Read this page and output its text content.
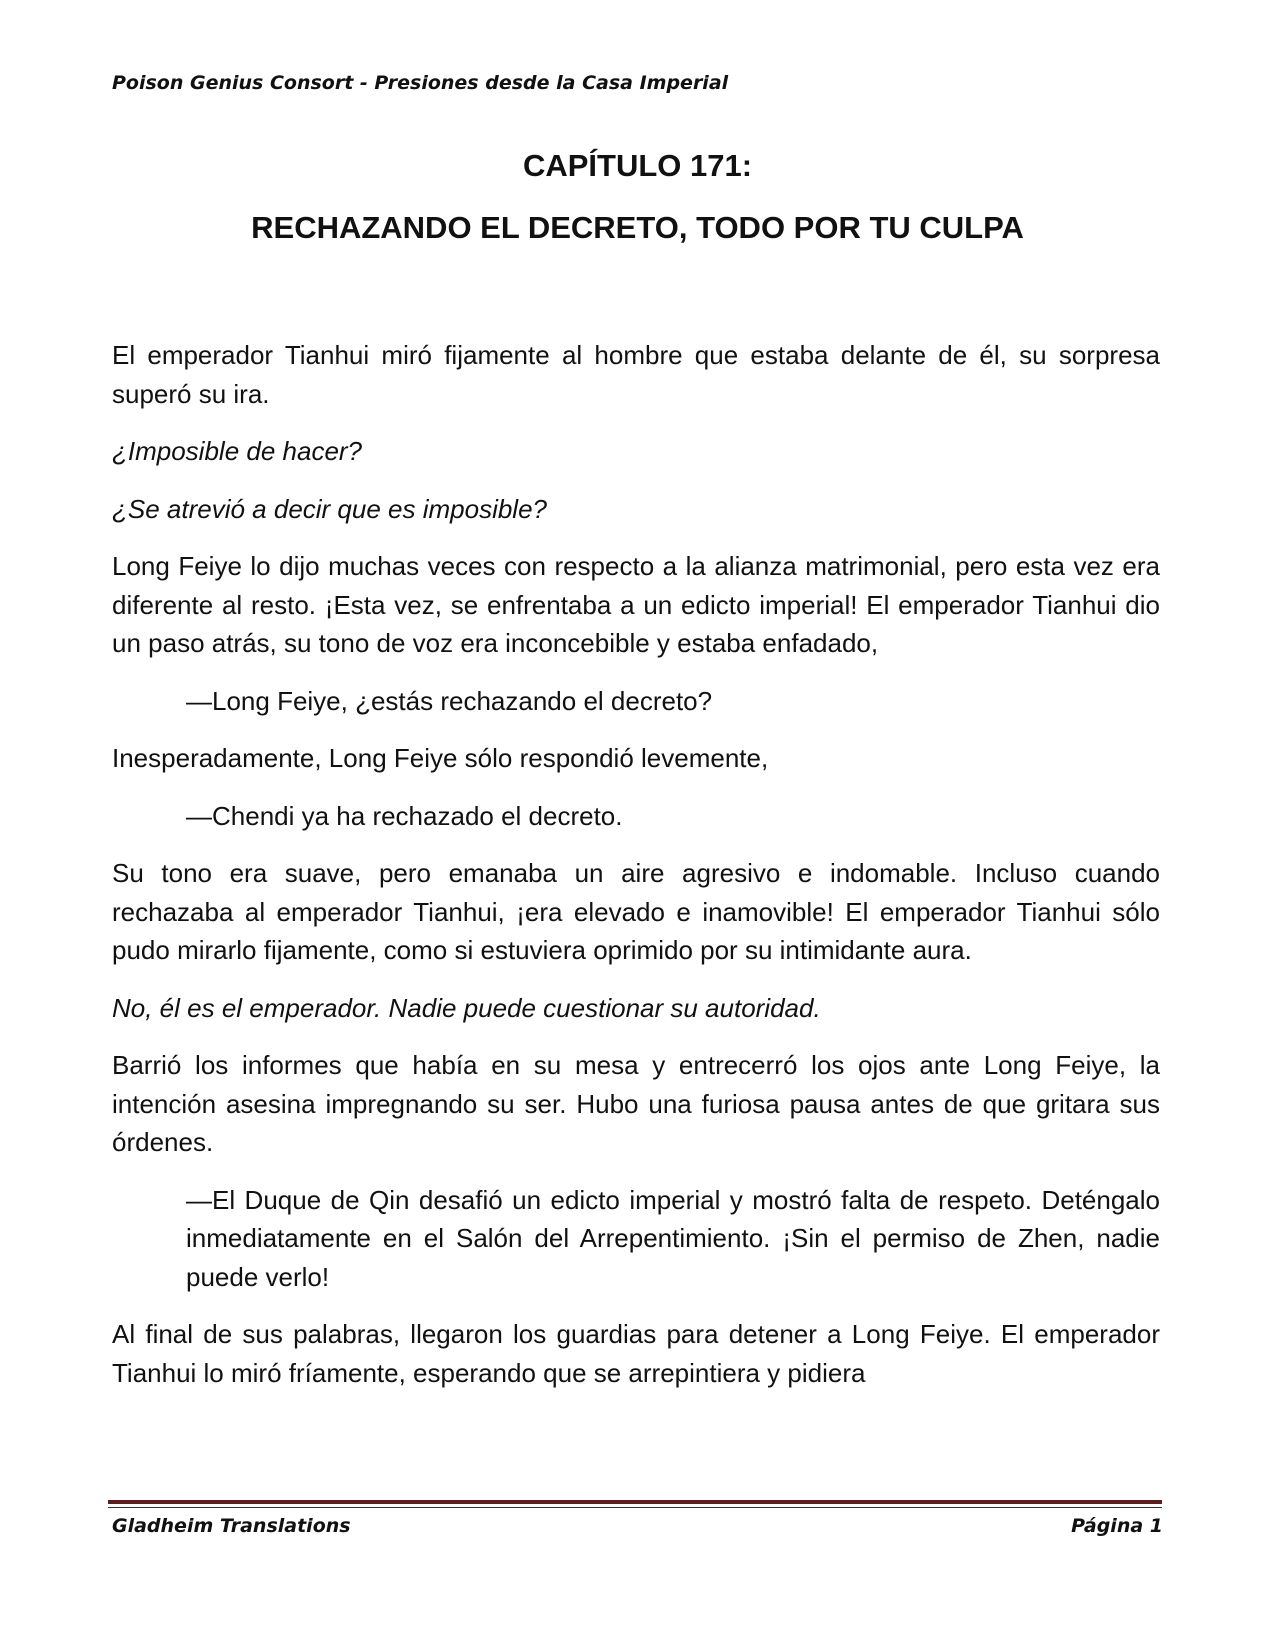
Poison Genius Consort - Presiones desde la Casa Imperial
CAPÍTULO 171:
RECHAZANDO EL DECRETO, TODO POR TU CULPA

El emperador Tianhui miró fijamente al hombre que estaba delante de él, su sorpresa superó su ira.

¿Imposible de hacer?

¿Se atrevió a decir que es imposible?

Long Feiye lo dijo muchas veces con respecto a la alianza matrimonial, pero esta vez era diferente al resto. ¡Esta vez, se enfrentaba a un edicto imperial! El emperador Tianhui dio un paso atrás, su tono de voz era inconcebible y estaba enfadado,

—Long Feiye, ¿estás rechazando el decreto?

Inesperadamente, Long Feiye sólo respondió levemente,

—Chendi ya ha rechazado el decreto.

Su tono era suave, pero emanaba un aire agresivo e indomable. Incluso cuando rechazaba al emperador Tianhui, ¡era elevado e inamovible! El emperador Tianhui sólo pudo mirarlo fijamente, como si estuviera oprimido por su intimidante aura.

No, él es el emperador. Nadie puede cuestionar su autoridad.

Barrió los informes que había en su mesa y entrecerró los ojos ante Long Feiye, la intención asesina impregnando su ser. Hubo una furiosa pausa antes de que gritara sus órdenes.

—El Duque de Qin desafió un edicto imperial y mostró falta de respeto. Deténgalo inmediatamente en el Salón del Arrepentimiento. ¡Sin el permiso de Zhen, nadie puede verlo!

Al final de sus palabras, llegaron los guardias para detener a Long Feiye. El emperador Tianhui lo miró fríamente, esperando que se arrepintiera y pidiera

Gladheim Translations	Página 1
